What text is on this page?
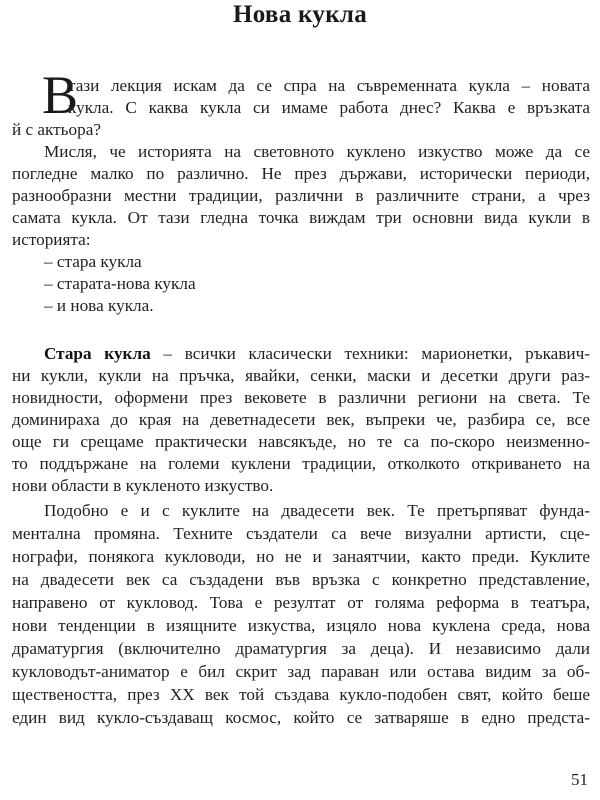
Нова кукла
В
тази лекция искам да се спра на съвременната кукла – новата
кукла. С каква кукла си имаме работа днес? Каква е връзката
й с актьора?
Мисля, че историята на световното куклено изкуство може да се
погледне малко по различно. Не през държави, исторически периоди,
разнообразни местни традиции, различни в различните страни, а чрез
самата кукла. От тази гледна точка виждам три основни вида кукли в
историята:
– стара кукла
– старата-нова кукла
– и нова кукла.
Стара кукла – всички класически техники: марионетки, ръкавич-
ни кукли, кукли на пръчка, явайки, сенки, маски и десетки други раз-
новидности, оформени през вековете в различни региони на света. Те
доминираха до края на деветнадесети век, въпреки че, разбира се, все
още ги срещаме практически навсякъде, но те са по-скоро неизменно-
то поддържане на големи куклени традиции, отколкото откриването на
нови области в кукленото изкуство.
Подобно е и с куклите на двадесети век. Те претърпяват фунда-
ментална промяна. Техните създатели са вече визуални артисти, сце-
нографи, понякога кукловоди, но не и занаятчии, както преди. Куклите
на двадесети век са създадени във връзка с конкретно представление,
направено от кукловод. Това е резултат от голяма реформа в театъра,
нови тенденции в изящните изкуства, изцяло нова куклена среда, нова
драматургия (включително драматургия за деца). И независимо дали
кукловодът-аниматор е бил скрит зад параван или остава видим за об-
ществеността, през ХХ век той създава кукло-подобен свят, който беше
един вид кукло-създаващ космос, който се затваряше в едно предста-
51
